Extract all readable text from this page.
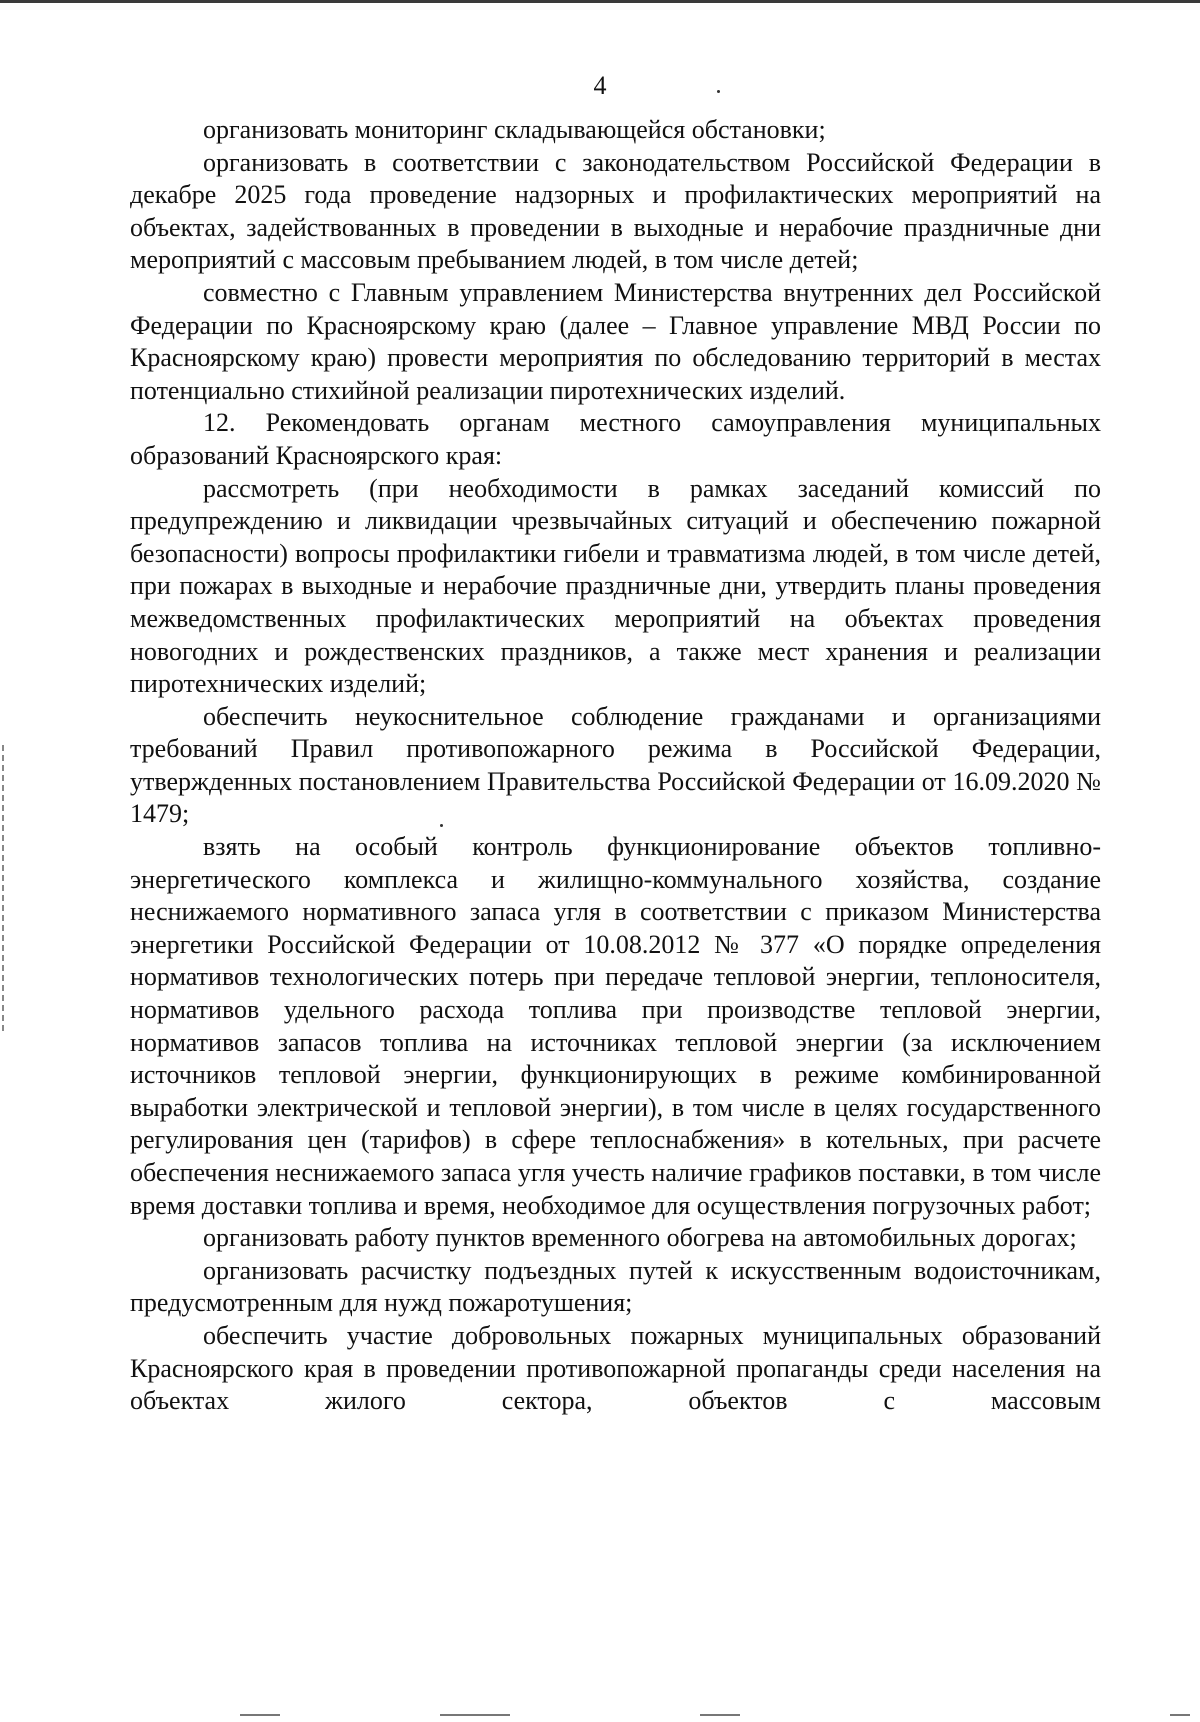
4

организовать мониторинг складывающейся обстановки;

организовать в соответствии с законодательством Российской Федерации в декабре 2025 года проведение надзорных и профилактических мероприятий на объектах, задействованных в проведении в выходные и нерабочие праздничные дни мероприятий с массовым пребыванием людей, в том числе детей;

совместно с Главным управлением Министерства внутренних дел Российской Федерации по Красноярскому краю (далее – Главное управление МВД России по Красноярскому краю) провести мероприятия по обследованию территорий в местах потенциально стихийной реализации пиротехнических изделий.

12. Рекомендовать органам местного самоуправления муниципальных образований Красноярского края:

рассмотреть (при необходимости в рамках заседаний комиссий по предупреждению и ликвидации чрезвычайных ситуаций и обеспечению пожарной безопасности) вопросы профилактики гибели и травматизма людей, в том числе детей, при пожарах в выходные и нерабочие праздничные дни, утвердить планы проведения межведомственных профилактических мероприятий на объектах проведения новогодних и рождественских праздников, а также мест хранения и реализации пиротехнических изделий;

обеспечить неукоснительное соблюдение гражданами и организациями требований Правил противопожарного режима в Российской Федерации, утвержденных постановлением Правительства Российской Федерации от 16.09.2020 № 1479;

взять на особый контроль функционирование объектов топливно-энергетического комплекса и жилищно-коммунального хозяйства, создание неснижаемого нормативного запаса угля в соответствии с приказом Министерства энергетики Российской Федерации от 10.08.2012 № 377 «О порядке определения нормативов технологических потерь при передаче тепловой энергии, теплоносителя, нормативов удельного расхода топлива при производстве тепловой энергии, нормативов запасов топлива на источниках тепловой энергии (за исключением источников тепловой энергии, функционирующих в режиме комбинированной выработки электрической и тепловой энергии), в том числе в целях государственного регулирования цен (тарифов) в сфере теплоснабжения» в котельных, при расчете обеспечения неснижаемого запаса угля учесть наличие графиков поставки, в том числе время доставки топлива и время, необходимое для осуществления погрузочных работ;

организовать работу пунктов временного обогрева на автомобильных дорогах;

организовать расчистку подъездных путей к искусственным водоисточникам, предусмотренным для нужд пожаротушения;

обеспечить участие добровольных пожарных муниципальных образований Красноярского края в проведении противопожарной пропаганды среди населения на объектах жилого сектора, объектов с массовым
